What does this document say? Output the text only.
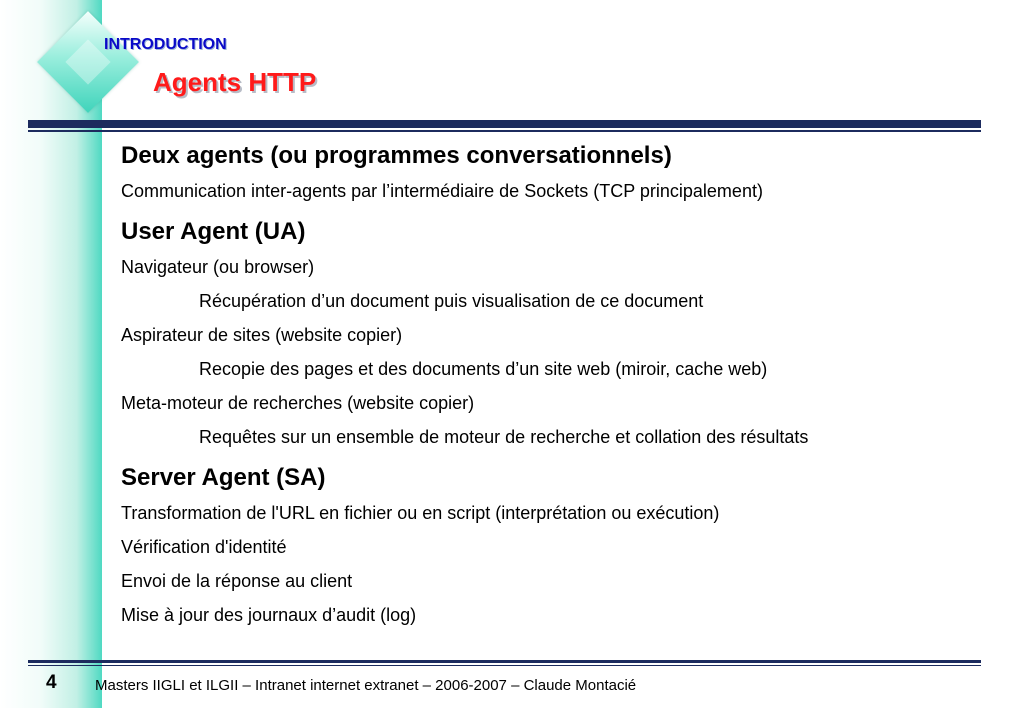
INTRODUCTION
Agents HTTP
Deux agents (ou programmes conversationnels)
Communication inter-agents par l’intermédiaire de Sockets (TCP principalement)
User Agent (UA)
Navigateur (ou browser)
Récupération d’un document puis visualisation de ce document
Aspirateur de sites (website copier)
Recopie des pages et des documents d’un site web (miroir, cache web)
Meta-moteur de recherches (website copier)
Requêtes sur un ensemble de moteur de recherche et collation des résultats
Server Agent (SA)
Transformation de l'URL en fichier ou en script (interprétation ou exécution)
Vérification d'identité
Envoi de la réponse au client
Mise à jour des journaux d’audit (log)
4	Masters IIGLI et ILGII – Intranet internet extranet – 2006-2007 – Claude Montacié
